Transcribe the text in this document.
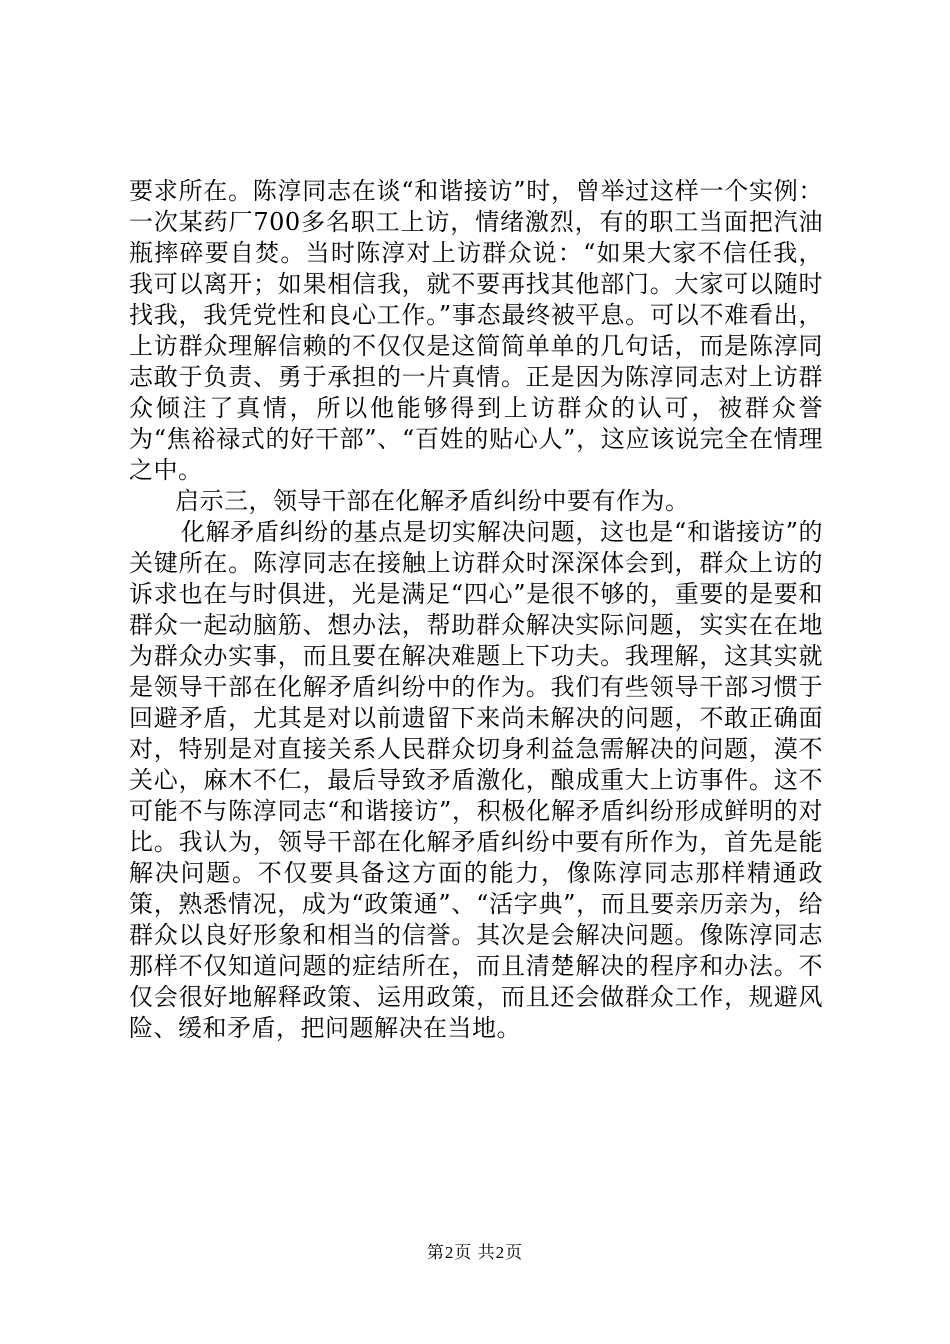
要求所在。陈淳同志在谈“和谐接访”时，曾举过这样一个实例：一次某药厂700多名职工上访，情绪激烈，有的职工当面把汽油瓶摔碎要自焚。当时陈淳对上访群众说：“如果大家不信任我，我可以离开；如果相信我，就不要再找其他部门。大家可以随时找我，我凭党性和良心工作。”事态最终被平息。可以不难看出，上访群众理解信赖的不仅仅是这简简单单的几句话，而是陈淳同志敢于负责、勇于承担的一片真情。正是因为陈淳同志对上访群众倾注了真情，所以他能够得到上访群众的认可，被群众誉为“焦裕禄式的好干部”、“百姓的贴心人”，这应该说完全在情理之中。

启示三，领导干部在化解矛盾纠纷中要有作为。

化解矛盾纠纷的基点是切实解决问题，这也是“和谐接访”的关键所在。陈淳同志在接触上访群众时深深体会到，群众上访的诉求也在与时俱进，光是满足“四心”是很不够的，重要的是要和群众一起动脑筋、想办法，帮助群众解决实际问题，实实在在地为群众办实事，而且要在解决难题上下功夫。我理解，这其实就是领导干部在化解矛盾纠纷中的作为。我们有些领导干部习惯于回避矛盾，尤其是对以前遗留下来尚未解决的问题，不敢正确面对，特别是对直接关系人民群众切身利益急需解决的问题，漠不关心，麻木不仁，最后导致矛盾激化，酿成重大上访事件。这不可能不与陈淳同志“和谐接访”，积极化解矛盾纠纷形成鲜明的对比。我认为，领导干部在化解矛盾纠纷中要有所作为，首先是能解决问题。不仅要具备这方面的能力，像陈淳同志那样精通政策，熟悉情况，成为“政策通”、“活字典”，而且要亲历亲为，给群众以良好形象和相当的信誉。其次是会解决问题。像陈淳同志那样不仅知道问题的症结所在，而且清楚解决的程序和办法。不仅会很好地解释政策、运用政策，而且还会做群众工作，规避风险、缓和矛盾，把问题解决在当地。

第2页 共2页
